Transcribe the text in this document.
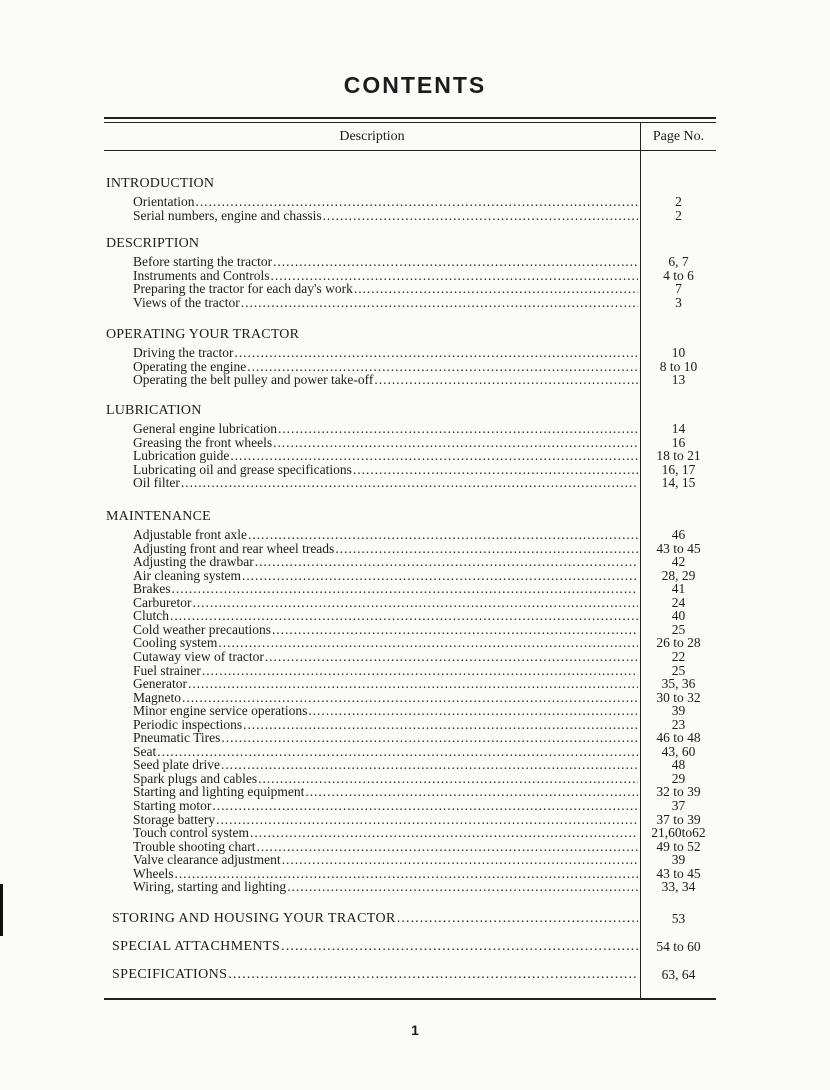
CONTENTS
Description	Page No.
INTRODUCTION
Orientation . . .	2
Serial numbers, engine and chassis . . .	2
DESCRIPTION
Before starting the tractor . . .	6, 7
Instruments and Controls . . .	4 to 6
Preparing the tractor for each day's work . . .	7
Views of the tractor . . .	3
OPERATING YOUR TRACTOR
Driving the tractor . . .	10
Operating the engine . . .	8 to 10
Operating the belt pulley and power take-off . . .	13
LUBRICATION
General engine lubrication . . .	14
Greasing the front wheels . . .	16
Lubrication guide . . .	18 to 21
Lubricating oil and grease specifications . . .	16, 17
Oil filter . . .	14, 15
MAINTENANCE
Adjustable front axle . . .	46
Adjusting front and rear wheel treads . . .	43 to 45
Adjusting the drawbar . . .	42
Air cleaning system . . .	28, 29
Brakes . . .	41
Carburetor . . .	24
Clutch . . .	40
Cold weather precautions . . .	25
Cooling system . . .	26 to 28
Cutaway view of tractor . . .	22
Fuel strainer . . .	25
Generator . . .	35, 36
Magneto . . .	30 to 32
Minor engine service operations . . .	39
Periodic inspections . . .	23
Pneumatic Tires . . .	46 to 48
Seat . . .	43, 60
Seed plate drive . . .	48
Spark plugs and cables . . .	29
Starting and lighting equipment . . .	32 to 39
Starting motor . . .	37
Storage battery . . .	37 to 39
Touch control system . . .	21,60to62
Trouble shooting chart . . .	49 to 52
Valve clearance adjustment . . .	39
Wheels . . .	43 to 45
Wiring, starting and lighting . . .	33, 34
STORING AND HOUSING YOUR TRACTOR . . .	53
SPECIAL ATTACHMENTS . . .	54 to 60
SPECIFICATIONS . . .	63, 64
1
